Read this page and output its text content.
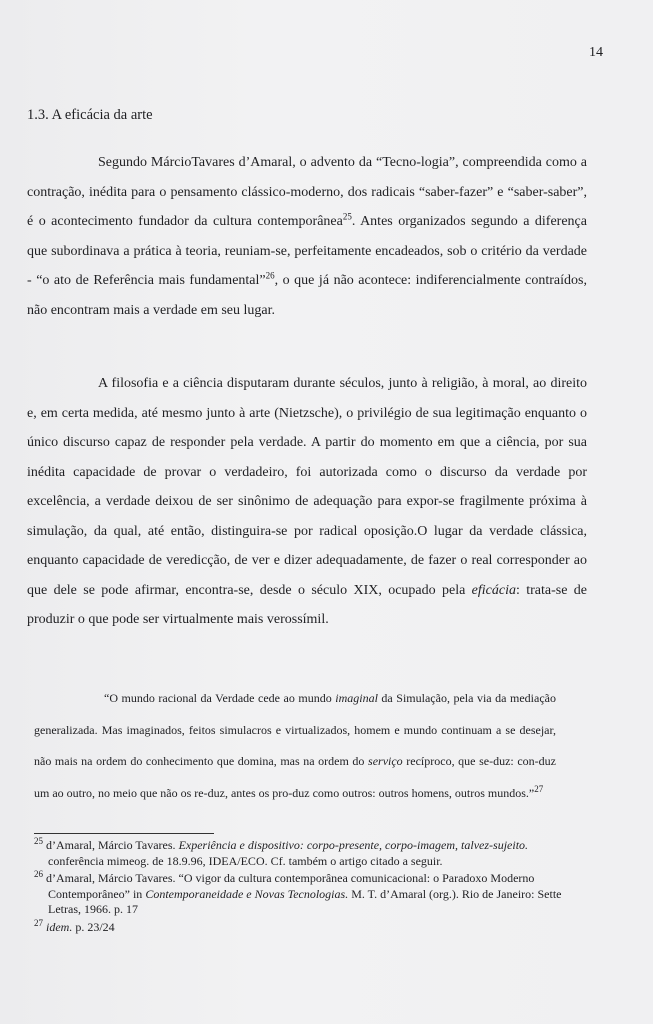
14
1.3. A eficácia da arte

Segundo MárcioTavares d’Amaral, o advento da “Tecno-logia”, compreendida como a contração, inédita para o pensamento clássico-moderno, dos radicais “saber-fazer” e “saber-saber”, é o acontecimento fundador da cultura contemporânea$^{25}$. Antes organizados segundo a diferença que subordinava a prática à teoria, reuniam-se, perfeitamente encadeados, sob o critério da verdade - “o ato de Referência mais fundamental”$^{26}$, o que já não acontece: indiferencialmente contraídos, não encontram mais a verdade em seu lugar.

A filosofia e a ciência disputaram durante séculos, junto à religião, à moral, ao direito e, em certa medida, até mesmo junto à arte (Nietzsche), o privilégio de sua legitimação enquanto o único discurso capaz de responder pela verdade. A partir do momento em que a ciência, por sua inédita capacidade de provar o verdadeiro, foi autorizada como o discurso da verdade por excelência, a verdade deixou de ser sinônimo de adequação para expor-se fragilmente próxima à simulação, da qual, até então, distinguira-se por radical oposição.O lugar da verdade clássica, enquanto capacidade de veredicção, de ver e dizer adequadamente, de fazer o real corresponder ao que dele se pode afirmar, encontra-se, desde o século XIX, ocupado pela eficácia: trata-se de produzir o que pode ser virtualmente mais verossímil.

“O mundo racional da Verdade cede ao mundo imaginal da Simulação, pela via da mediação generalizada. Mas imaginados, feitos simulacros e virtualizados, homem e mundo continuam a se desejar, não mais na ordem do conhecimento que domina, mas na ordem do serviço recíproco, que se-duz: con-duz um ao outro, no meio que não os re-duz, antes os pro-duz como outros: outros homens, outros mundos.”$^{27}$

$^{25}$ d’Amaral, Márcio Tavares. Experiência e dispositivo: corpo-presente, corpo-imagem, talvez-sujeito. conferência mimeog. de 18.9.96, IDEA/ECO. Cf. também o artigo citado a seguir.

$^{26}$ d’Amaral, Márcio Tavares. “O vigor da cultura contemporânea comunicacional: o Paradoxo Moderno Contemporâneo” in Contemporaneidade e Novas Tecnologias. M. T. d’Amaral (org.). Rio de Janeiro: Sette Letras, 1966. p. 17

$^{27}$ idem. p. 23/24
